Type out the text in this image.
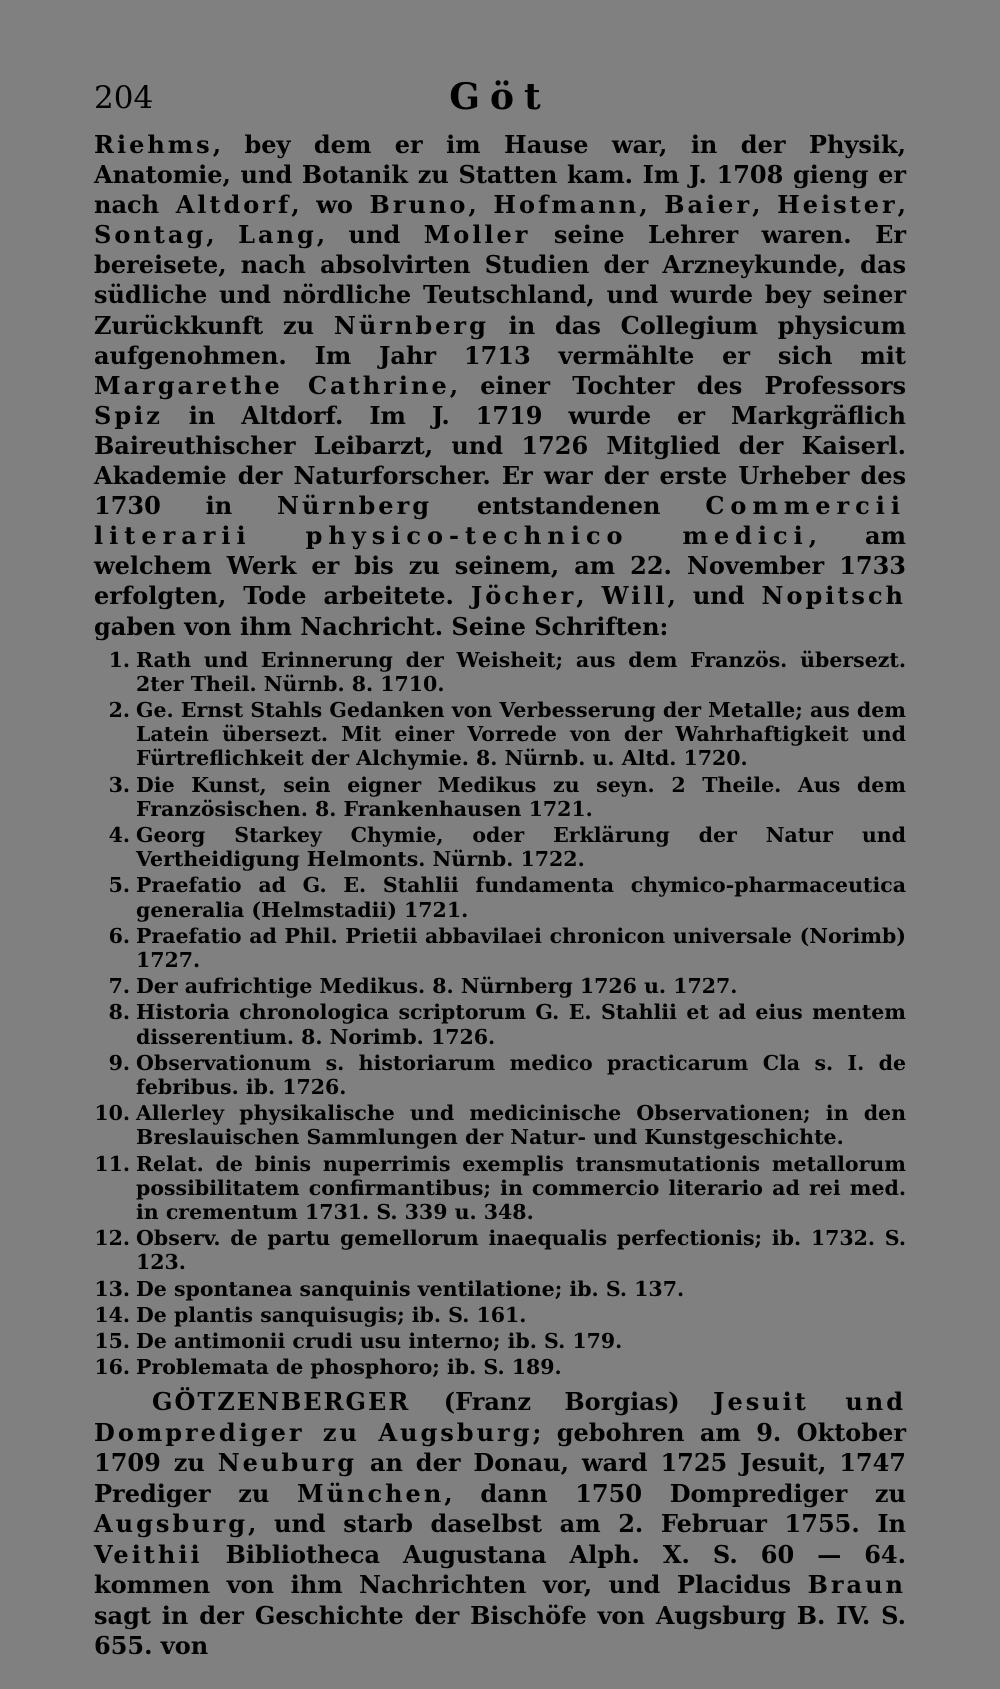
204	Göt

Riehms, bey dem er im Hause war, in der Physik, Anatomie, und Botanik zu Statten kam. Im J. 1708 gieng er nach Altdorf, wo Bruno, Hofmann, Baier, Heister, Sontag, Lang, und Moller seine Lehrer waren. Er bereisete, nach absolvirten Studien der Arzneykunde, das südliche und nördliche Teutschland, und wurde bey seiner Zurückkunft zu Nürnberg in das Collegium physicum aufgenohmen. Im Jahr 1713 vermählte er sich mit Margarethe Cathrine, einer Tochter des Professors Spiz in Altdorf. Im J. 1719 wurde er Markgräflich Baireuthischer Leibarzt, und 1726 Mitglied der Kaiserl. Akademie der Naturforscher. Er war der erste Urheber des 1730 in Nürnberg entstandenen Commercii literarii physico-technico medici, am welchem Werk er bis zu seinem, am 22. November 1733 erfolgten, Tode arbeitete. Jöcher, Will, und Nopitsch gaben von ihm Nachricht. Seine Schriften:

1. Rath und Erinnerung der Weisheit; aus dem Französ. übersezt. 2ter Theil. Nürnb. 8. 1710.
2. Ge. Ernst Stahls Gedanken von Verbesserung der Metalle; aus dem Latein übersezt. Mit einer Vorrede von der Wahrhaftigkeit und Fürtreflichkeit der Alchymie. 8. Nürnb. u. Altd. 1720.
3. Die Kunst, sein eigner Medikus zu seyn. 2 Theile. Aus dem Französischen. 8. Frankenhausen 1721.
4. Georg Starkey Chymie, oder Erklärung der Natur und Vertheidigung Helmonts. Nürnb. 1722.
5. Praefatio ad G. E. Stahlii fundamenta chymico-pharmaceutica generalia (Helmstadii) 1721.
6. Praefatio ad Phil. Prietii abbavilaei chronicon universale (Norimb) 1727.
7. Der aufrichtige Medikus. 8. Nürnberg 1726 u. 1727.
8. Historia chronologica scriptorum G. E. Stahlii et ad eius mentem disserentium. 8. Norimb. 1726.
9. Observationum s. historiarum medico practicarum Cla s. I. de febribus. ib. 1726.
10. Allerley physikalische und medicinische Observationen; in den Breslauischen Sammlungen der Natur- und Kunstgeschichte.
11. Relat. de binis nuperrimis exemplis transmutationis metallorum possibilitatem confirmantibus; in commercio literario ad rei med. in crementum 1731. S. 339 u. 348.
12. Observ. de partu gemellorum inaequalis perfectionis; ib. 1732. S. 123.
13. De spontanea sanquinis ventilatione; ib. S. 137.
14. De plantis sanquisugis; ib. S. 161.
15. De antimonii crudi usu interno; ib. S. 179.
16. Problemata de phosphoro; ib. S. 189.

GÖTZENBERGER (Franz Borgias) Jesuit und Domprediger zu Augsburg; gebohren am 9. Oktober 1709 zu Neuburg an der Donau, ward 1725 Jesuit, 1747 Prediger zu München, dann 1750 Domprediger zu Augsburg, und starb daselbst am 2. Februar 1755. In Veithii Bibliotheca Augustana Alph. X. S. 60 — 64. kommen von ihm Nachrichten vor, und Placidus Braun sagt in der Geschichte der Bischöfe von Augsburg B. IV. S. 655. von
